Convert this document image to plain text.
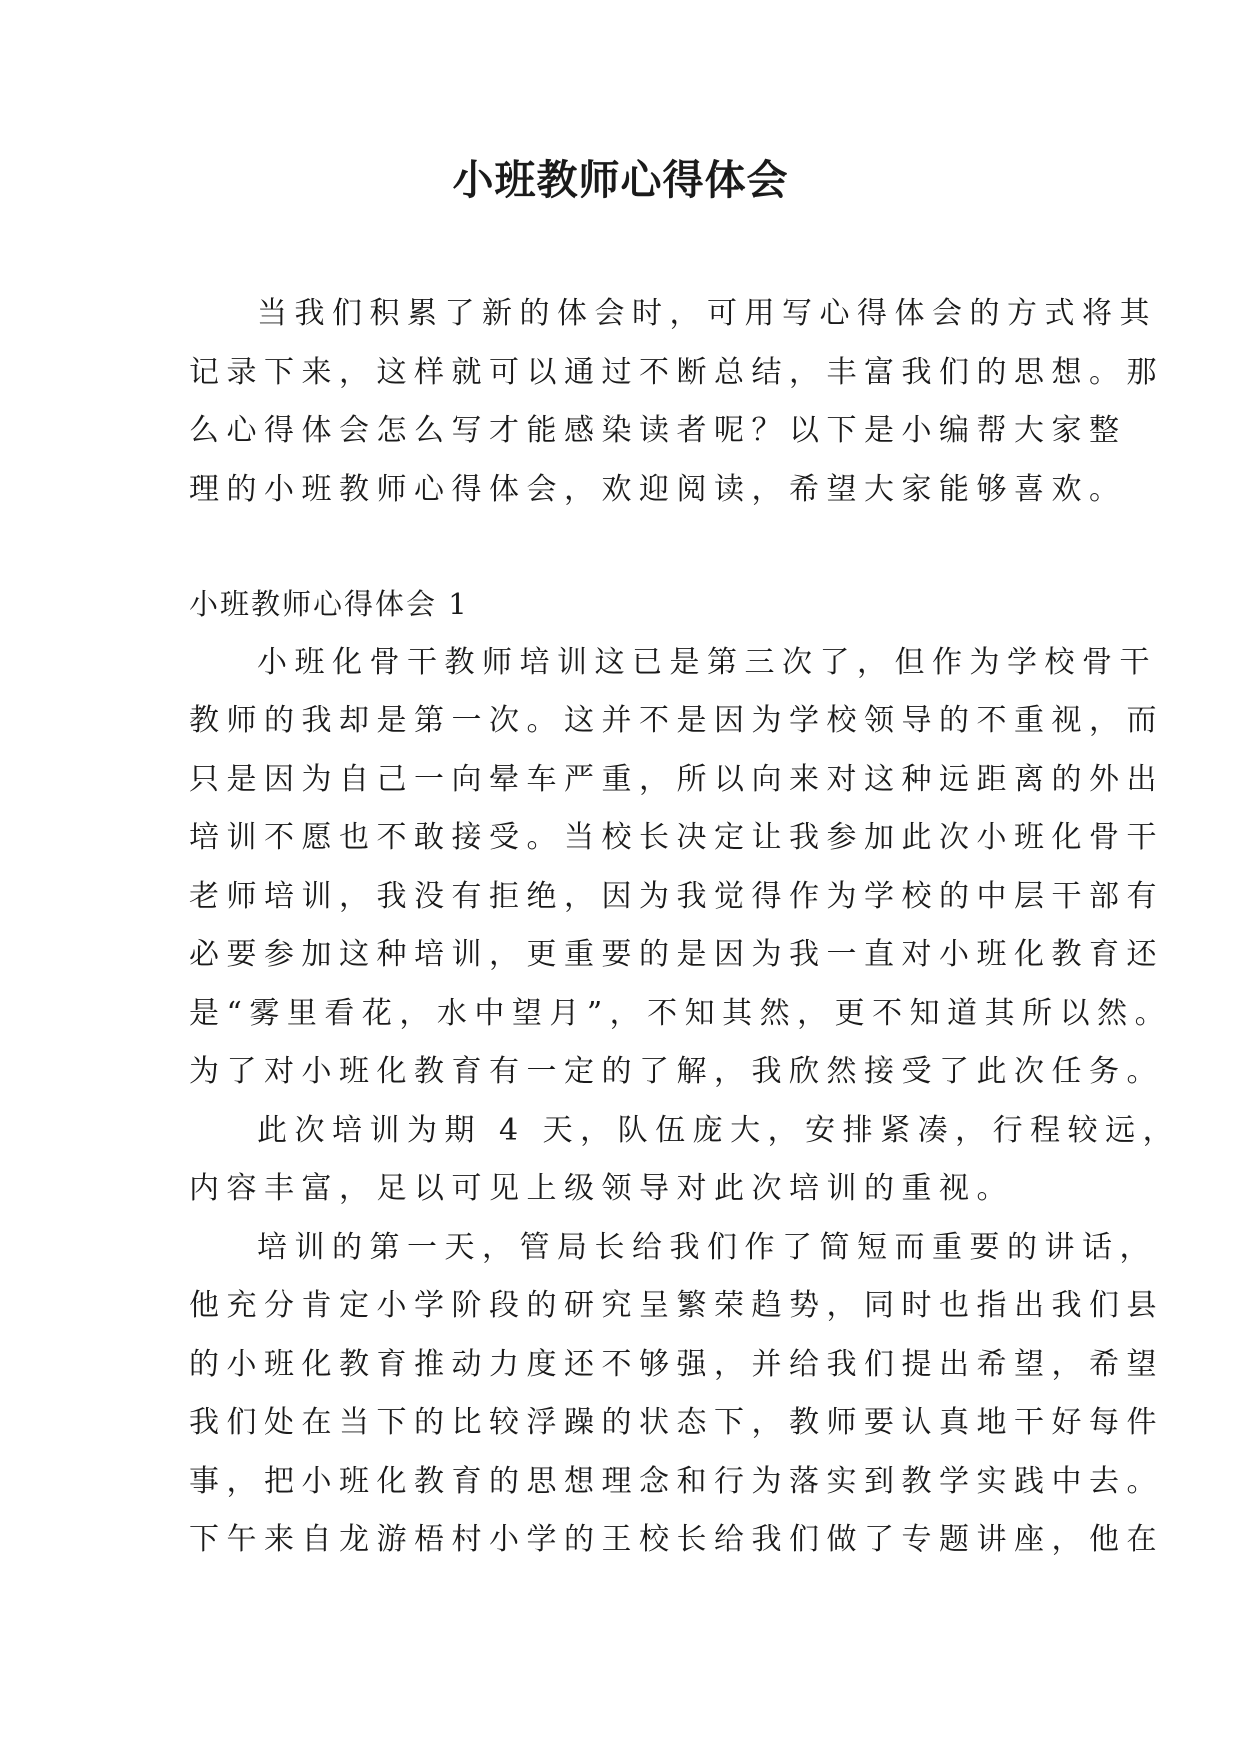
小班教师心得体会
当我们积累了新的体会时，可用写心得体会的方式将其
记录下来，这样就可以通过不断总结，丰富我们的思想。那
么心得体会怎么写才能感染读者呢？以下是小编帮大家整
理的小班教师心得体会，欢迎阅读，希望大家能够喜欢。
小班教师心得体会 1
小班化骨干教师培训这已是第三次了，但作为学校骨干
教师的我却是第一次。这并不是因为学校领导的不重视，而
只是因为自己一向晕车严重，所以向来对这种远距离的外出
培训不愿也不敢接受。当校长决定让我参加此次小班化骨干
老师培训，我没有拒绝，因为我觉得作为学校的中层干部有
必要参加这种培训，更重要的是因为我一直对小班化教育还
是“雾里看花，水中望月”，不知其然，更不知道其所以然。
为了对小班化教育有一定的了解，我欣然接受了此次任务。
此次培训为期 4 天，队伍庞大，安排紧凑，行程较远，
内容丰富，足以可见上级领导对此次培训的重视。
培训的第一天，管局长给我们作了简短而重要的讲话，
他充分肯定小学阶段的研究呈繁荣趋势，同时也指出我们县
的小班化教育推动力度还不够强，并给我们提出希望，希望
我们处在当下的比较浮躁的状态下，教师要认真地干好每件
事，把小班化教育的思想理念和行为落实到教学实践中去。
下午来自龙游梧村小学的王校长给我们做了专题讲座，他在
